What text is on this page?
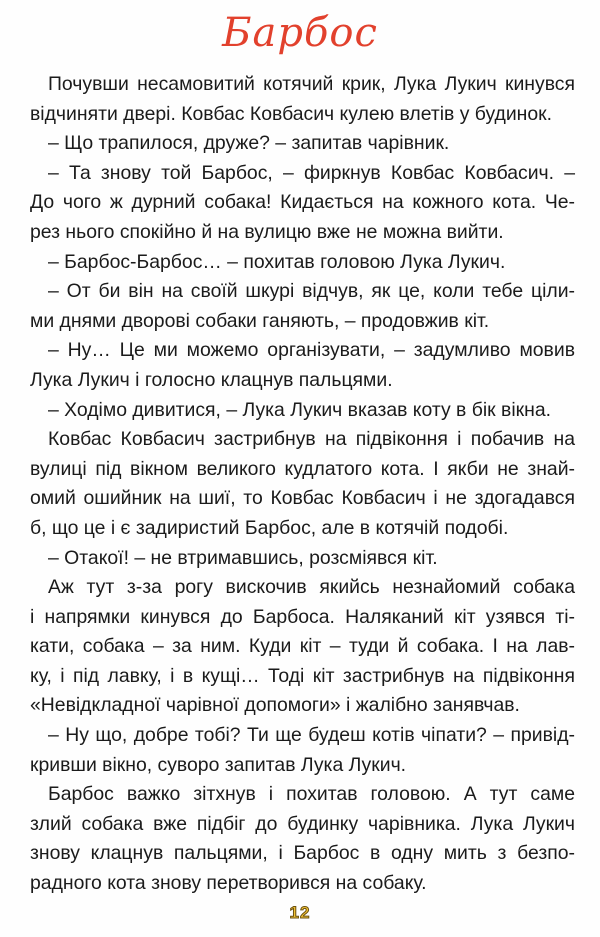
Барбос
Почувши несамовитий котячий крик, Лука Лукич кинувся
відчиняти двері. Ковбас Ковбасич кулею влетів у будинок.
– Що трапилося, друже? – запитав чарівник.
– Та знову той Барбос, – фиркнув Ковбас Ковбасич. –
До чого ж дурний собака! Кидається на кожного кота. Че-
рез нього спокійно й на вулицю вже не можна вийти.
– Барбос-Барбос… – похитав головою Лука Лукич.
– От би він на своїй шкурі відчув, як це, коли тебе ціли-
ми днями дворові собаки ганяють, – продовжив кіт.
– Ну… Це ми можемо організувати, – задумливо мовив
Лука Лукич і голосно клацнув пальцями.
– Ходімо дивитися, – Лука Лукич вказав коту в бік вікна.
Ковбас Ковбасич застрибнув на підвіконня і побачив на
вулиці під вікном великого кудлатого кота. І якби не знай-
омий ошийник на шиї, то Ковбас Ковбасич і не здогадався
б, що це і є задиристий Барбос, але в котячій подобі.
– Отакої! – не втримавшись, розсміявся кіт.
Аж тут з-за рогу вискочив якийсь незнайомий собака
і напрямки кинувся до Барбоса. Наляканий кіт узявся ті-
кати, собака – за ним. Куди кіт – туди й собака. І на лав-
ку, і під лавку, і в кущі… Тоді кіт застрибнув на підвіконня
«Невідкладної чарівної допомоги» і жалібно занявчав.
– Ну що, добре тобі? Ти ще будеш котів чіпати? – привід-
кривши вікно, суворо запитав Лука Лукич.
Барбос важко зітхнув і похитав головою. А тут саме
злий собака вже підбіг до будинку чарівника. Лука Лукич
знову клацнув пальцями, і Барбос в одну мить з безпо-
радного кота знову перетворився на собаку.
12
